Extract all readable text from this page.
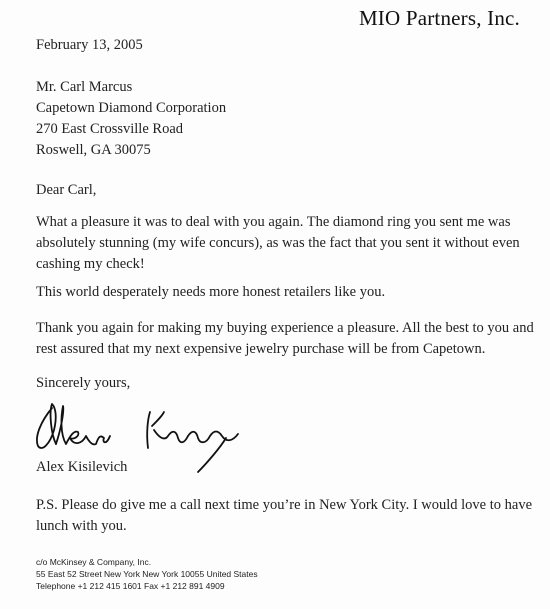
MIO Partners, Inc.
February 13, 2005
Mr. Carl Marcus
Capetown Diamond Corporation
270 East Crossville Road
Roswell, GA 30075
Dear Carl,

What a pleasure it was to deal with you again. The diamond ring you sent me was absolutely stunning (my wife concurs), as was the fact that you sent it without even cashing my check!

This world desperately needs more honest retailers like you.

Thank you again for making my buying experience a pleasure. All the best to you and rest assured that my next expensive jewelry purchase will be from Capetown.

Sincerely yours,
Alex Kisilevich

P.S. Please do give me a call next time you’re in New York City. I would love to have lunch with you.

c/o McKinsey & Company, Inc.
55 East 52 Street New York New York 10055 United States
Telephone +1 212 415 1601 Fax +1 212 891 4909
